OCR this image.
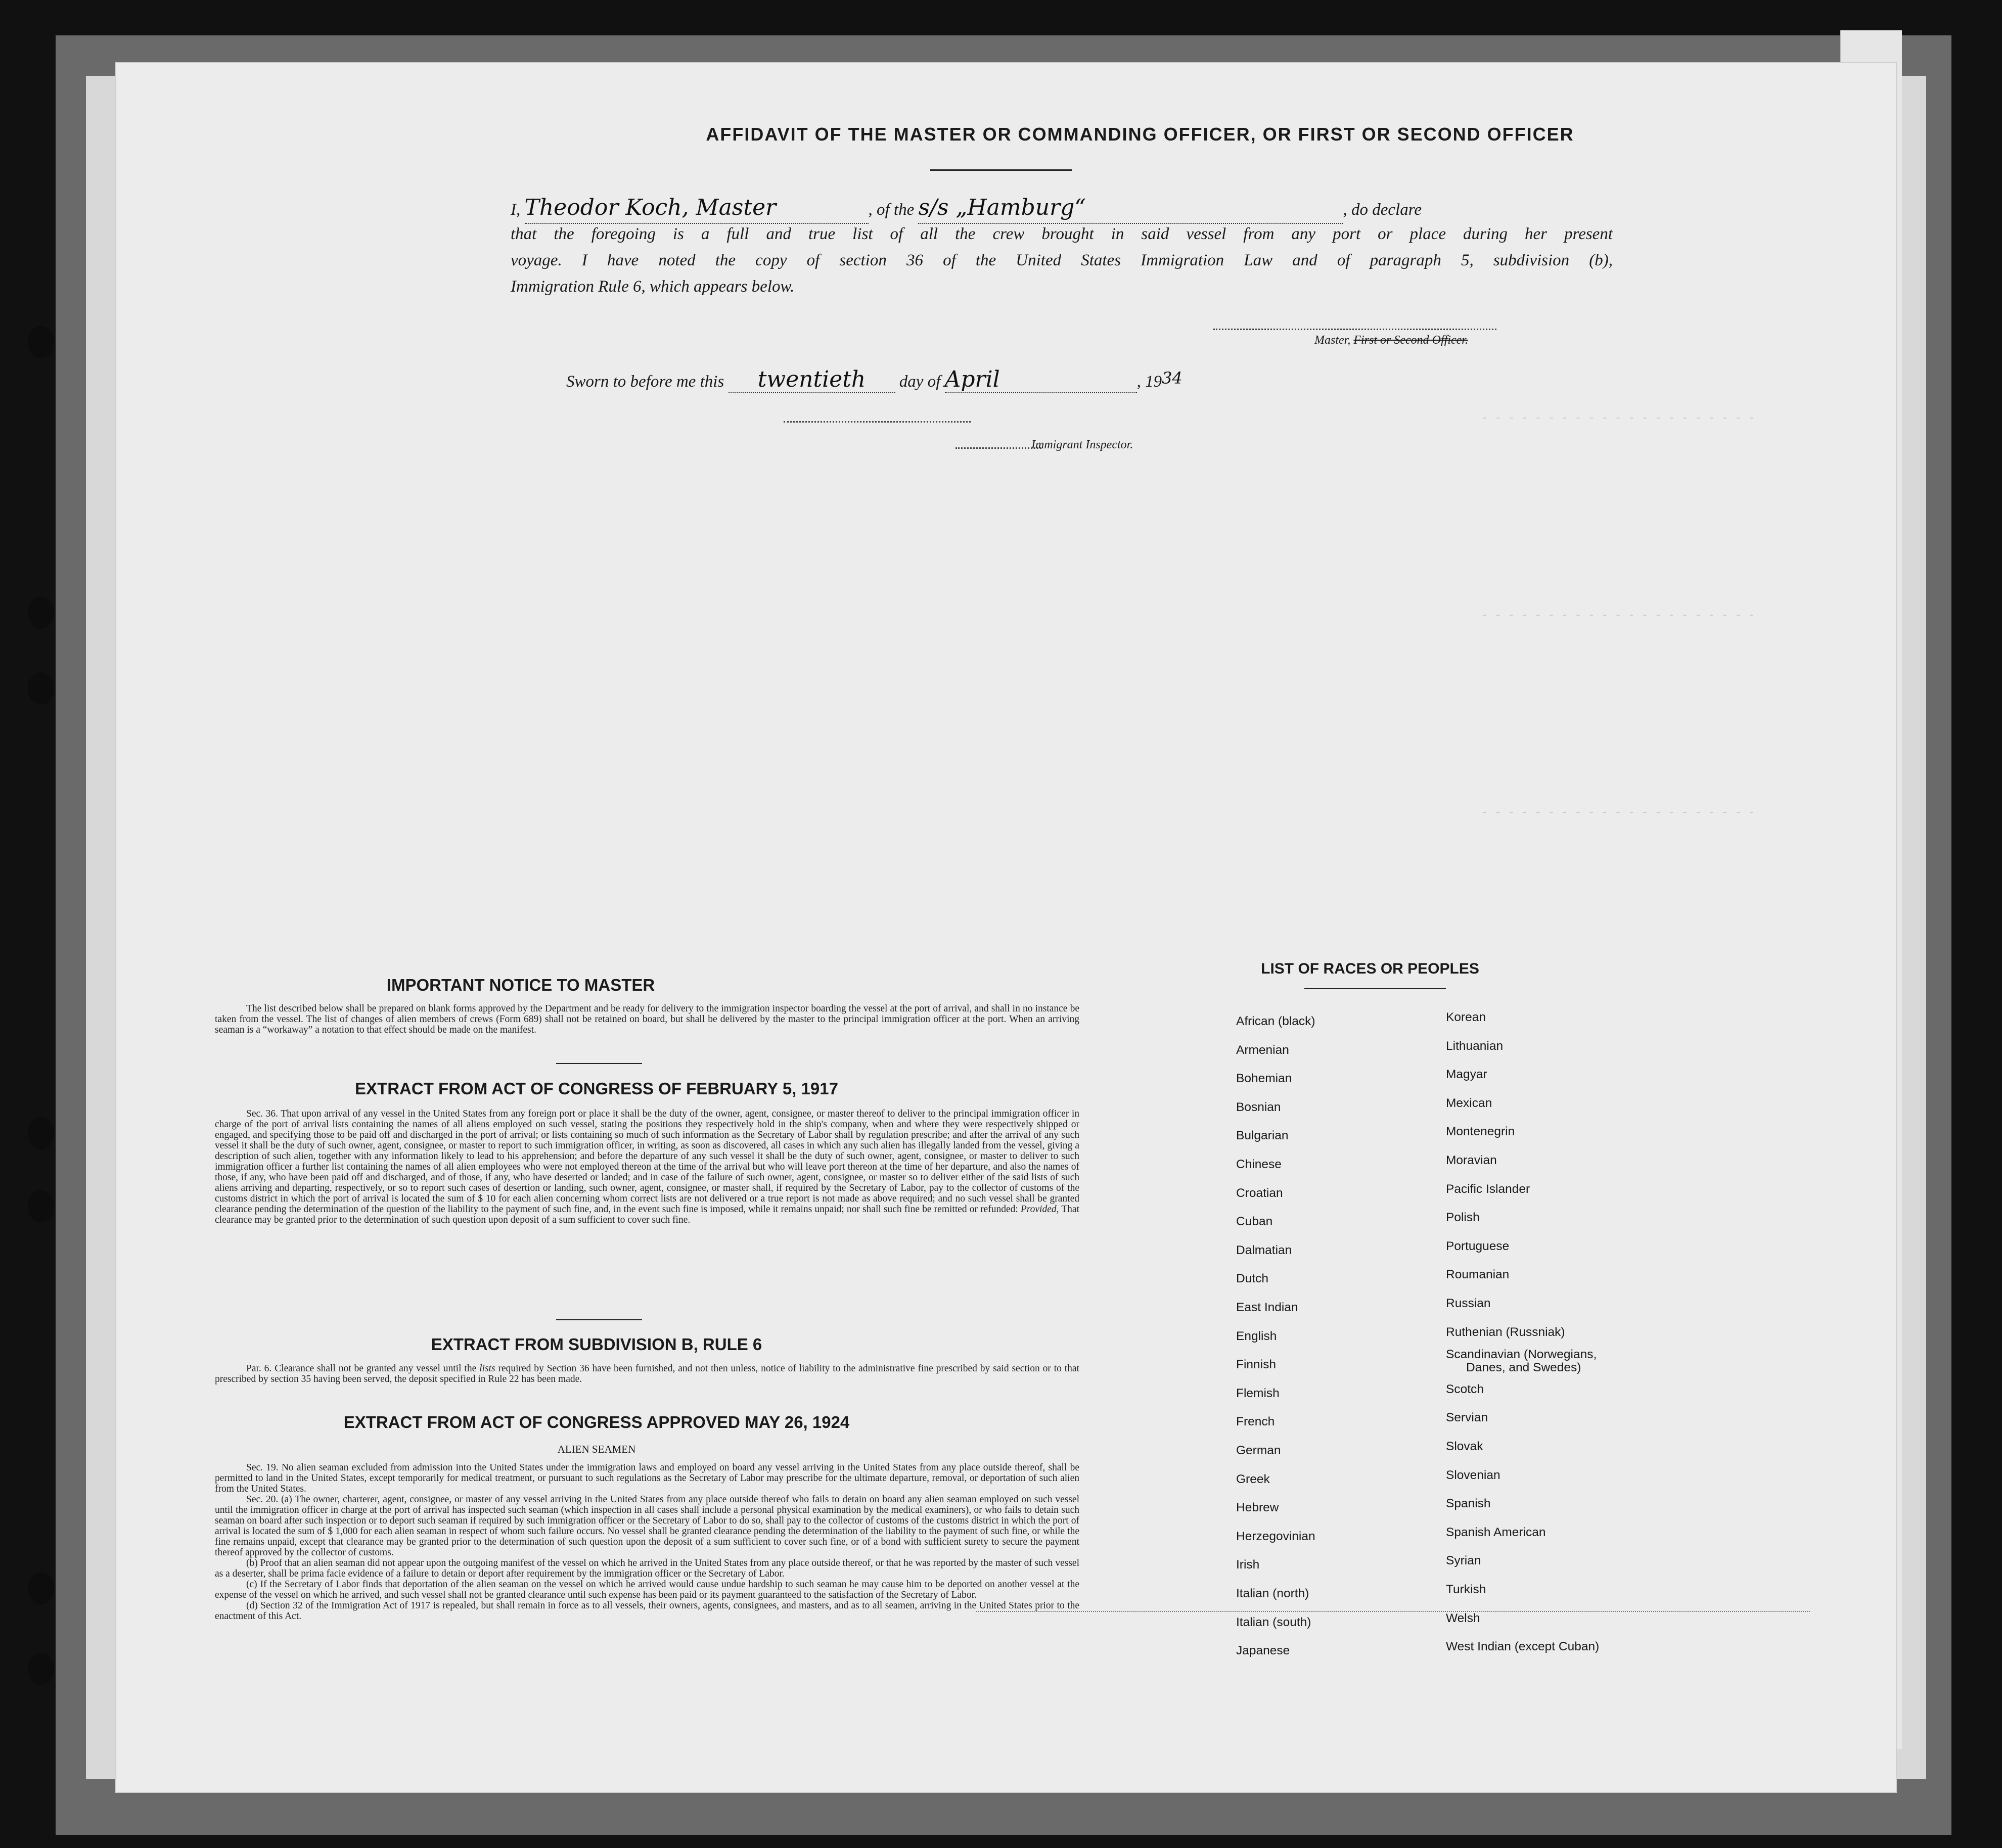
- - - - - - - - - - - - - - - - - - - - -
- - - - - - - - - - - - - - - - - - - - -
- - - - - - - - - - - - - - - - - - - - -
AFFIDAVIT OF THE MASTER OR COMMANDING OFFICER, OR FIRST OR SECOND OFFICER
I, Theodor Koch, Master	, of the s/s „Hamburg“	, do declare
that the foregoing is a full and true list of all the crew brought in said vessel from any port or place during her present
voyage. I have noted the copy of section 36 of the United States Immigration Law and of paragraph 5, subdivision (b),
Immigration Rule 6, which appears below.
Master, First or Second Officer.
Sworn to before me this twentieth day of April	, 1934
Immigrant Inspector.
IMPORTANT NOTICE TO MASTER

The list described below shall be prepared on blank forms approved by the Department and be ready for delivery to the immigration inspector boarding the vessel at the port of arrival, and shall in no instance be taken from the vessel. The list of changes of alien members of crews (Form 689) shall not be retained on board, but shall be delivered by the master to the principal immigration officer at the port. When an arriving seaman is a “workaway” a notation to that effect should be made on the manifest.

EXTRACT FROM ACT OF CONGRESS OF FEBRUARY 5, 1917

Sec. 36. That upon arrival of any vessel in the United States from any foreign port or place it shall be the duty of the owner, agent, consignee, or master thereof to deliver to the principal immigration officer in charge of the port of arrival lists containing the names of all aliens employed on such vessel, stating the positions they respectively hold in the ship's company, when and where they were respectively shipped or engaged, and specifying those to be paid off and discharged in the port of arrival; or lists containing so much of such information as the Secretary of Labor shall by regulation prescribe; and after the arrival of any such vessel it shall be the duty of such owner, agent, consignee, or master to report to such immigration officer, in writing, as soon as discovered, all cases in which any such alien has illegally landed from the vessel, giving a description of such alien, together with any information likely to lead to his apprehension; and before the departure of any such vessel it shall be the duty of such owner, agent, consignee, or master to deliver to such immigration officer a further list containing the names of all alien employees who were not employed thereon at the time of the arrival but who will leave port thereon at the time of her departure, and also the names of those, if any, who have been paid off and discharged, and of those, if any, who have deserted or landed; and in case of the failure of such owner, agent, consignee, or master so to deliver either of the said lists of such aliens arriving and departing, respectively, or so to report such cases of desertion or landing, such owner, agent, consignee, or master shall, if required by the Secretary of Labor, pay to the collector of customs of the customs district in which the port of arrival is located the sum of $ 10 for each alien concerning whom correct lists are not delivered or a true report is not made as above required; and no such vessel shall be granted clearance pending the determination of the question of the liability to the payment of such fine, and, in the event such fine is imposed, while it remains unpaid; nor shall such fine be remitted or refunded: Provided, That clearance may be granted prior to the determination of such question upon deposit of a sum sufficient to cover such fine.

EXTRACT FROM SUBDIVISION B, RULE 6

Par. 6. Clearance shall not be granted any vessel until the lists required by Section 36 have been furnished, and not then unless, notice of liability to the administrative fine prescribed by said section or to that prescribed by section 35 having been served, the deposit specified in Rule 22 has been made.

EXTRACT FROM ACT OF CONGRESS APPROVED MAY 26, 1924
ALIEN SEAMEN

Sec. 19. No alien seaman excluded from admission into the United States under the immigration laws and employed on board any vessel arriving in the United States from any place outside thereof, shall be permitted to land in the United States, except temporarily for medical treatment, or pursuant to such regulations as the Secretary of Labor may prescribe for the ultimate departure, removal, or deportation of such alien from the United States.

Sec. 20. (a) The owner, charterer, agent, consignee, or master of any vessel arriving in the United States from any place outside thereof who fails to detain on board any alien seaman employed on such vessel until the immigration officer in charge at the port of arrival has inspected such seaman (which inspection in all cases shall include a personal physical examination by the medical examiners), or who fails to detain such seaman on board after such inspection or to deport such seaman if required by such immigration officer or the Secretary of Labor to do so, shall pay to the collector of customs of the customs district in which the port of arrival is located the sum of $ 1,000 for each alien seaman in respect of whom such failure occurs. No vessel shall be granted clearance pending the determination of the liability to the payment of such fine, or while the fine remains unpaid, except that clearance may be granted prior to the determination of such question upon the deposit of a sum sufficient to cover such fine, or of a bond with sufficient surety to secure the payment thereof approved by the collector of customs.

(b) Proof that an alien seaman did not appear upon the outgoing manifest of the vessel on which he arrived in the United States from any place outside thereof, or that he was reported by the master of such vessel as a deserter, shall be prima facie evidence of a failure to detain or deport after requirement by the immigration officer or the Secretary of Labor.

(c) If the Secretary of Labor finds that deportation of the alien seaman on the vessel on which he arrived would cause undue hardship to such seaman he may cause him to be deported on another vessel at the expense of the vessel on which he arrived, and such vessel shall not be granted clearance until such expense has been paid or its payment guaranteed to the satisfaction of the Secretary of Labor.

(d) Section 32 of the Immigration Act of 1917 is repealed, but shall remain in force as to all vessels, their owners, agents, consignees, and masters, and as to all seamen, arriving in the United States prior to the enactment of this Act.

LIST OF RACES OR PEOPLES
African (black)
Armenian
Bohemian
Bosnian
Bulgarian
Chinese
Croatian
Cuban
Dalmatian
Dutch
East Indian
English
Finnish
Flemish
French
German
Greek
Hebrew
Herzegovinian
Irish
Italian (north)
Italian (south)
Japanese
Korean
Lithuanian
Magyar
Mexican
Montenegrin
Moravian
Pacific Islander
Polish
Portuguese
Roumanian
Russian
Ruthenian (Russniak)
Scandinavian (Norwegians,
Danes, and Swedes)
Scotch
Servian
Slovak
Slovenian
Spanish
Spanish American
Syrian
Turkish
Welsh
West Indian (except Cuban)
